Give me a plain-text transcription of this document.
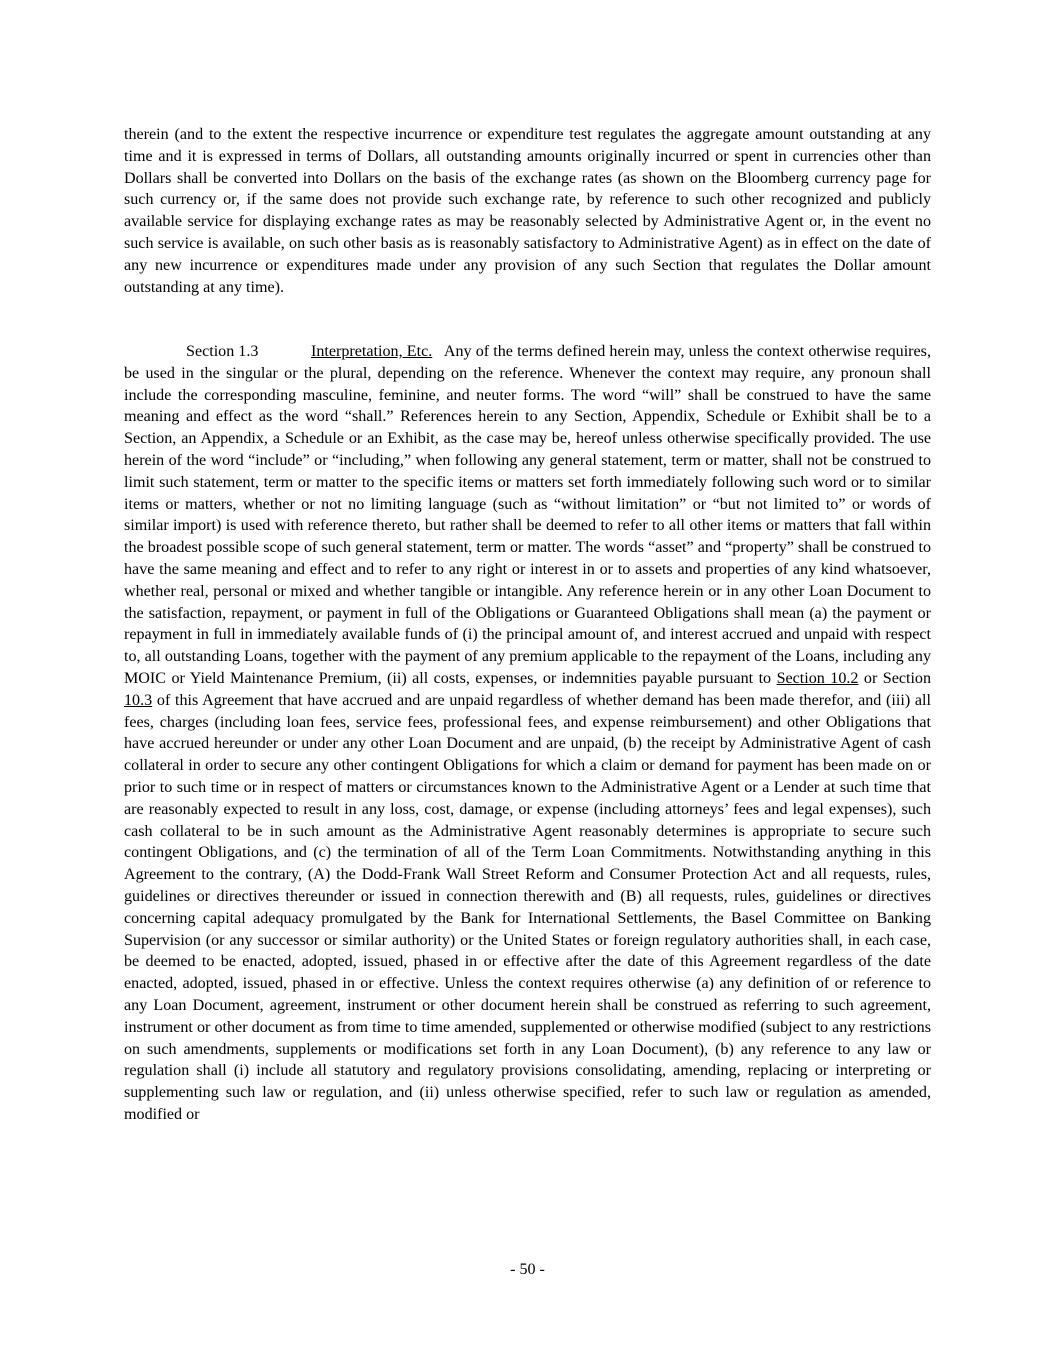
therein (and to the extent the respective incurrence or expenditure test regulates the aggregate amount outstanding at any time and it is expressed in terms of Dollars, all outstanding amounts originally incurred or spent in currencies other than Dollars shall be converted into Dollars on the basis of the exchange rates (as shown on the Bloomberg currency page for such currency or, if the same does not provide such exchange rate, by reference to such other recognized and publicly available service for displaying exchange rates as may be reasonably selected by Administrative Agent or, in the event no such service is available, on such other basis as is reasonably satisfactory to Administrative Agent) as in effect on the date of any new incurrence or expenditures made under any provision of any such Section that regulates the Dollar amount outstanding at any time).

Section 1.3	Interpretation, Etc. Any of the terms defined herein may, unless the context otherwise requires, be used in the singular or the plural, depending on the reference. Whenever the context may require, any pronoun shall include the corresponding masculine, feminine, and neuter forms. The word “will” shall be construed to have the same meaning and effect as the word “shall.” References herein to any Section, Appendix, Schedule or Exhibit shall be to a Section, an Appendix, a Schedule or an Exhibit, as the case may be, hereof unless otherwise specifically provided. The use herein of the word “include” or “including,” when following any general statement, term or matter, shall not be construed to limit such statement, term or matter to the specific items or matters set forth immediately following such word or to similar items or matters, whether or not no limiting language (such as “without limitation” or “but not limited to” or words of similar import) is used with reference thereto, but rather shall be deemed to refer to all other items or matters that fall within the broadest possible scope of such general statement, term or matter. The words “asset” and “property” shall be construed to have the same meaning and effect and to refer to any right or interest in or to assets and properties of any kind whatsoever, whether real, personal or mixed and whether tangible or intangible. Any reference herein or in any other Loan Document to the satisfaction, repayment, or payment in full of the Obligations or Guaranteed Obligations shall mean (a) the payment or repayment in full in immediately available funds of (i) the principal amount of, and interest accrued and unpaid with respect to, all outstanding Loans, together with the payment of any premium applicable to the repayment of the Loans, including any MOIC or Yield Maintenance Premium, (ii) all costs, expenses, or indemnities payable pursuant to Section 10.2 or Section 10.3 of this Agreement that have accrued and are unpaid regardless of whether demand has been made therefor, and (iii) all fees, charges (including loan fees, service fees, professional fees, and expense reimbursement) and other Obligations that have accrued hereunder or under any other Loan Document and are unpaid, (b) the receipt by Administrative Agent of cash collateral in order to secure any other contingent Obligations for which a claim or demand for payment has been made on or prior to such time or in respect of matters or circumstances known to the Administrative Agent or a Lender at such time that are reasonably expected to result in any loss, cost, damage, or expense (including attorneys’ fees and legal expenses), such cash collateral to be in such amount as the Administrative Agent reasonably determines is appropriate to secure such contingent Obligations, and (c) the termination of all of the Term Loan Commitments. Notwithstanding anything in this Agreement to the contrary, (A) the Dodd-Frank Wall Street Reform and Consumer Protection Act and all requests, rules, guidelines or directives thereunder or issued in connection therewith and (B) all requests, rules, guidelines or directives concerning capital adequacy promulgated by the Bank for International Settlements, the Basel Committee on Banking Supervision (or any successor or similar authority) or the United States or foreign regulatory authorities shall, in each case, be deemed to be enacted, adopted, issued, phased in or effective after the date of this Agreement regardless of the date enacted, adopted, issued, phased in or effective. Unless the context requires otherwise (a) any definition of or reference to any Loan Document, agreement, instrument or other document herein shall be construed as referring to such agreement, instrument or other document as from time to time amended, supplemented or otherwise modified (subject to any restrictions on such amendments, supplements or modifications set forth in any Loan Document), (b) any reference to any law or regulation shall (i) include all statutory and regulatory provisions consolidating, amending, replacing or interpreting or supplementing such law or regulation, and (ii) unless otherwise specified, refer to such law or regulation as amended, modified or

- 50 -
